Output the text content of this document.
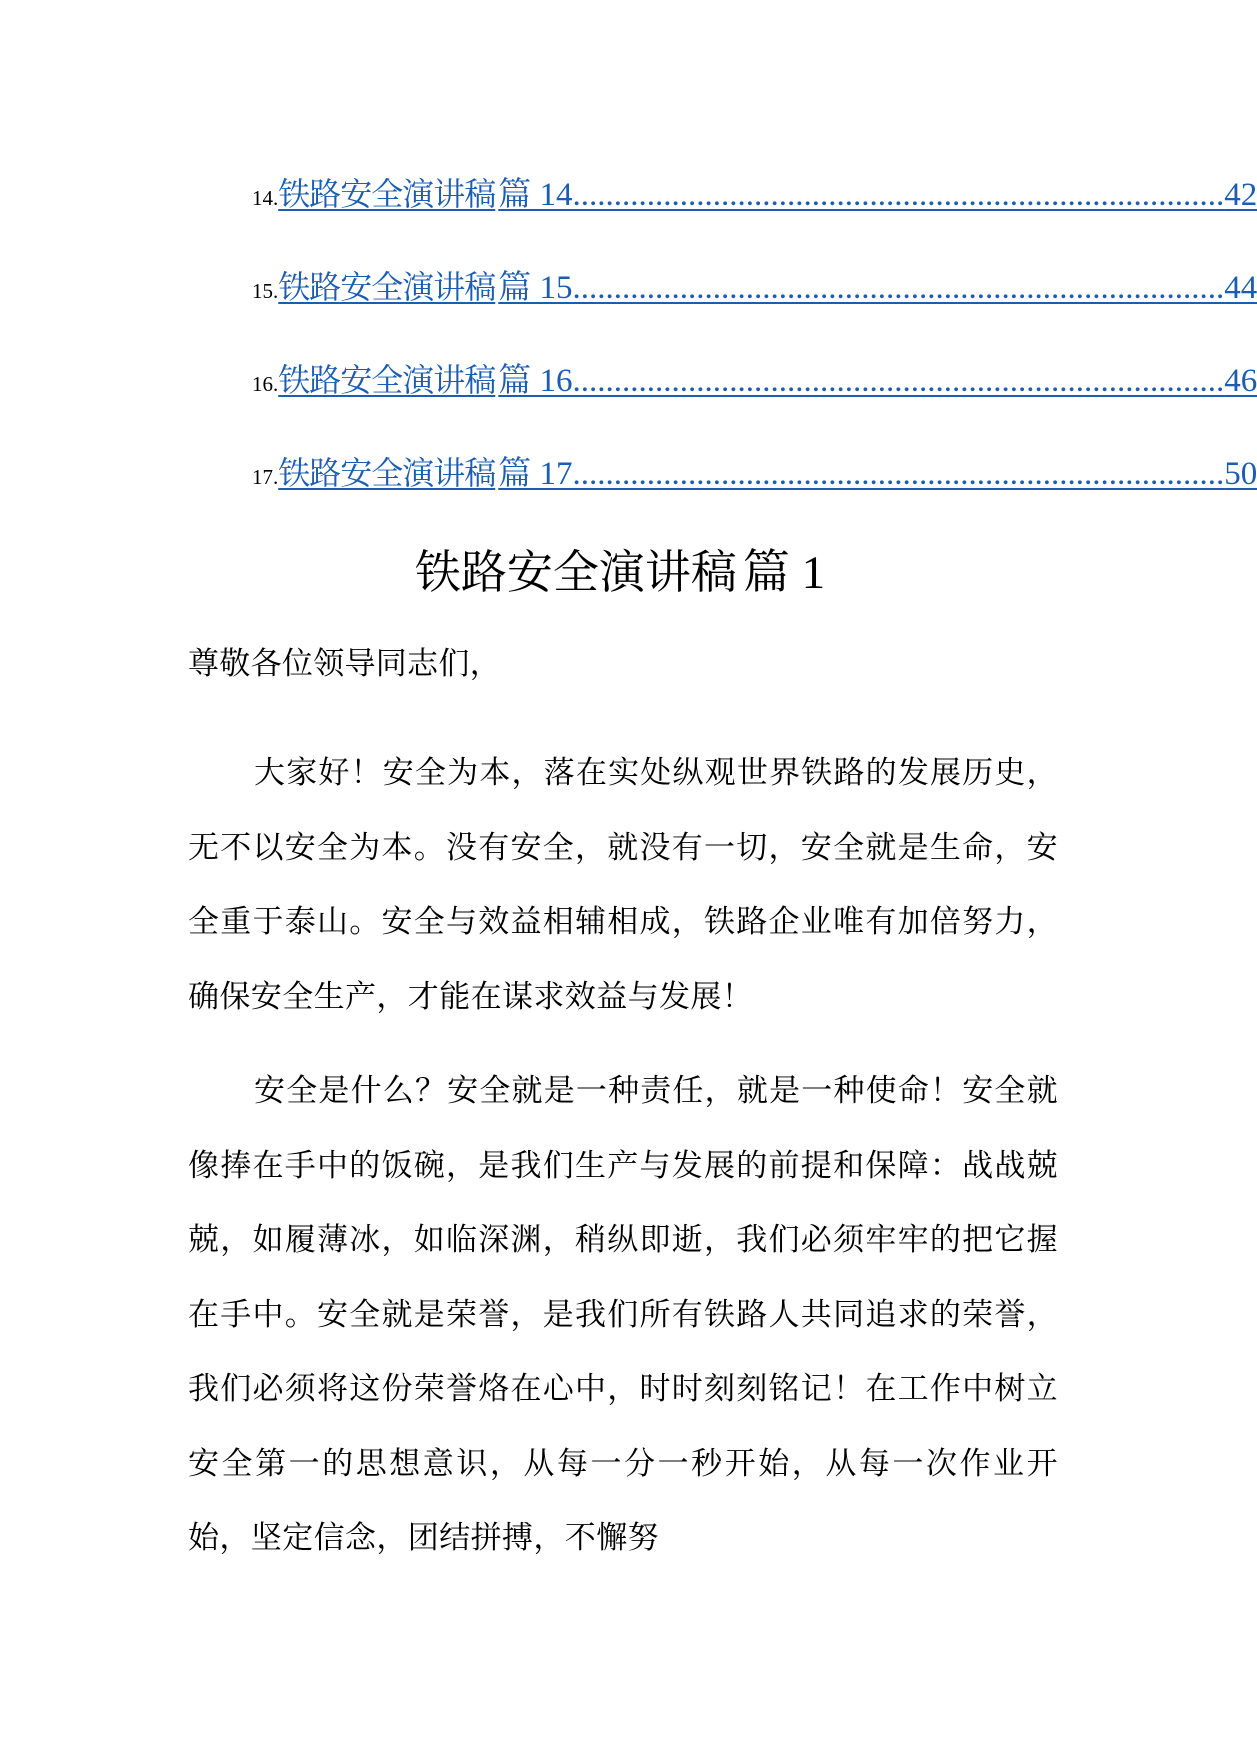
14. 铁路安全演讲稿 篇 14 ............................................................................... 42
15. 铁路安全演讲稿 篇 15 ............................................................................... 44
16. 铁路安全演讲稿 篇 16 ............................................................................... 46
17. 铁路安全演讲稿 篇 17 ............................................................................... 50
铁路安全演讲稿 篇 1

尊敬各位领导同志们，

大家好！安全为本，落在实处纵观世界铁路的发展历史，无不以安全为本。没有安全，就没有一切，安全就是生命，安全重于泰山。安全与效益相辅相成，铁路企业唯有加倍努力，确保安全生产，才能在谋求效益与发展！

安全是什么？安全就是一种责任，就是一种使命！安全就像捧在手中的饭碗，是我们生产与发展的前提和保障：战战兢兢，如履薄冰，如临深渊，稍纵即逝，我们必须牢牢的把它握在手中。安全就是荣誉，是我们所有铁路人共同追求的荣誉，我们必须将这份荣誉烙在心中，时时刻刻铭记！在工作中树立安全第一的思想意识，从每一分一秒开始，从每一次作业开始，坚定信念，团结拼搏，不懈努
